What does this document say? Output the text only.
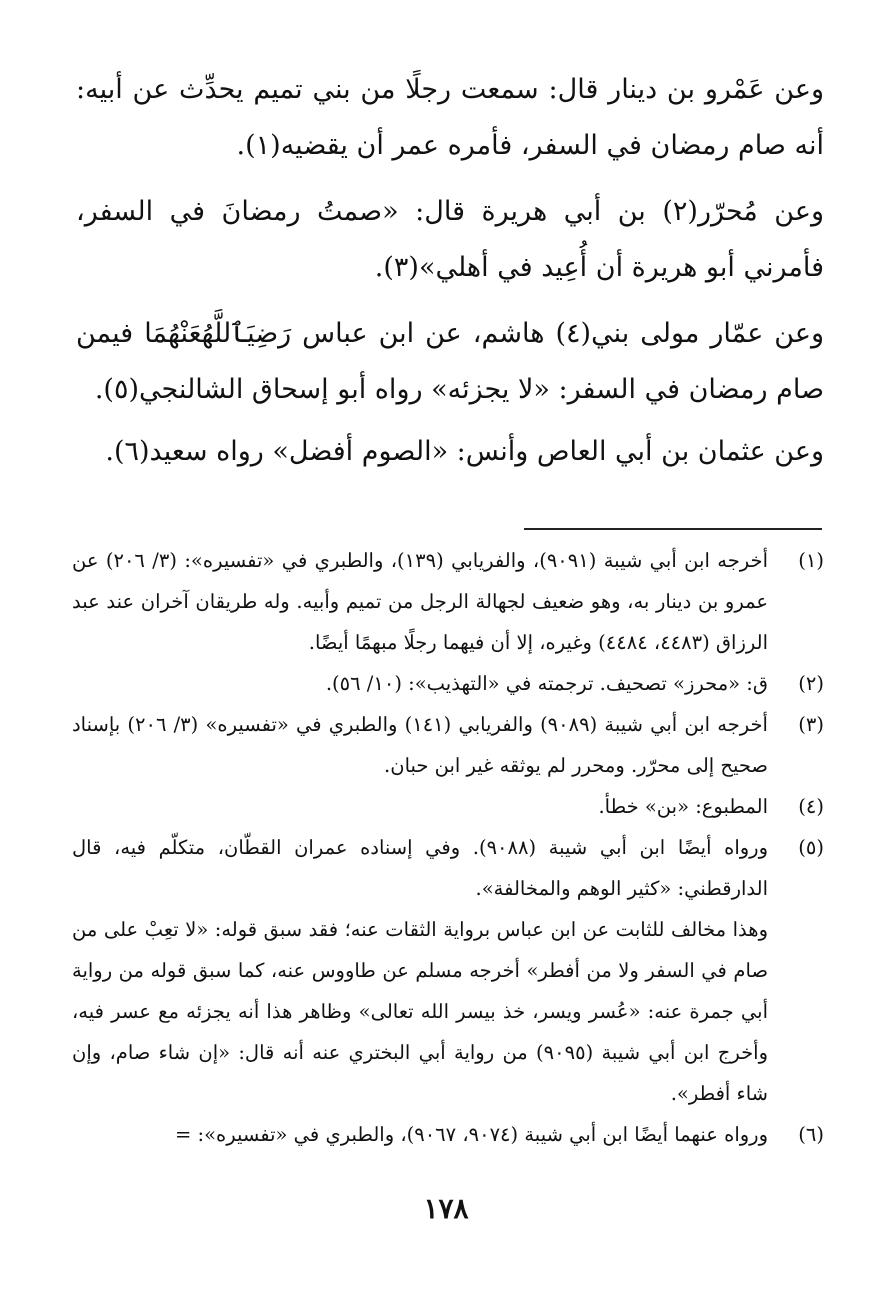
وعن عَمْرو بن دينار قال: سمعت رجلًا من بني تميم يحدِّث عن أبيه: أنه صام رمضان في السفر، فأمره عمر أن يقضيه(١).

وعن مُحرّر(٢) بن أبي هريرة قال: «صمتُ رمضانَ في السفر، فأمرني أبو هريرة أن أُعِيد في أهلي»(٣).

وعن عمّار مولى بني(٤) هاشم، عن ابن عباس رَضِيَٱللَّهُعَنْهُمَا فيمن صام رمضان في السفر: «لا يجزئه» رواه أبو إسحاق الشالنجي(٥).

وعن عثمان بن أبي العاص وأنس: «الصوم أفضل» رواه سعيد(٦).

(١)
أخرجه ابن أبي شيبة (٩٠٩١)، والفريابي (١٣٩)، والطبري في «تفسيره»: (٣/ ٢٠٦) عن عمرو بن دينار به، وهو ضعيف لجهالة الرجل من تميم وأبيه. وله طريقان آخران عند عبد الرزاق (٤٤٨٣، ٤٤٨٤) وغيره، إلا أن فيهما رجلًا مبهمًا أيضًا.
(٢)
ق: «محرز» تصحيف. ترجمته في «التهذيب»: (١٠/ ٥٦).
(٣)
أخرجه ابن أبي شيبة (٩٠٨٩) والفريابي (١٤١) والطبري في «تفسيره» (٣/ ٢٠٦) بإسناد صحيح إلى محرّر. ومحرر لم يوثقه غير ابن حبان.
(٤)
المطبوع: «بن» خطأ.
(٥)
ورواه أيضًا ابن أبي شيبة (٩٠٨٨). وفي إسناده عمران القطّان، متكلّم فيه، قال الدارقطني: «كثير الوهم والمخالفة».
وهذا مخالف للثابت عن ابن عباس برواية الثقات عنه؛ فقد سبق قوله: «لا تعِبْ على من صام في السفر ولا من أفطر» أخرجه مسلم عن طاووس عنه، كما سبق قوله من رواية أبي جمرة عنه: «عُسر ويسر، خذ بيسر الله تعالى» وظاهر هذا أنه يجزئه مع عسر فيه، وأخرج ابن أبي شيبة (٩٠٩٥) من رواية أبي البختري عنه أنه قال: «إن شاء صام، وإن شاء أفطر».
(٦)
ورواه عنهما أيضًا ابن أبي شيبة (٩٠٧٤، ٩٠٦٧)، والطبري في «تفسيره»: =
١٧٨
